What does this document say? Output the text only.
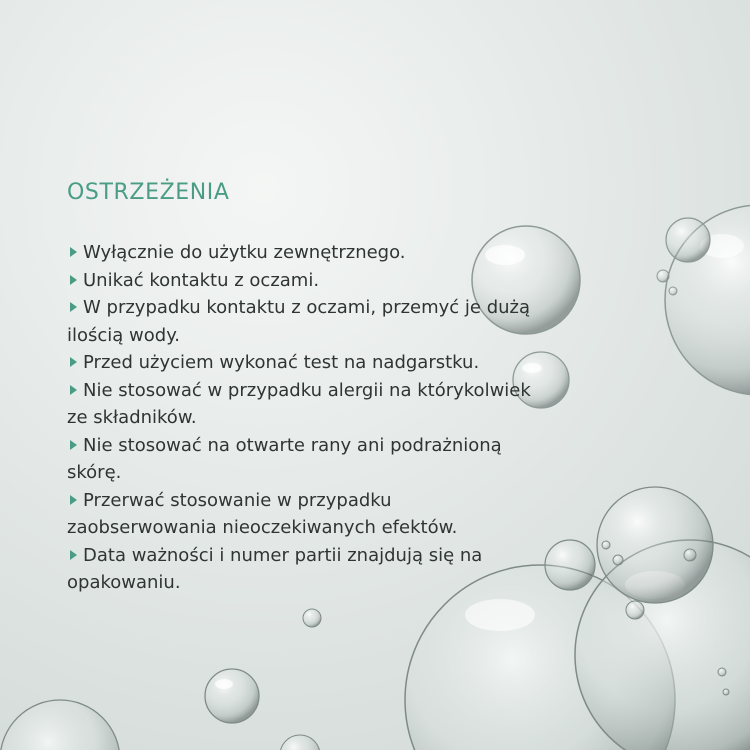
OSTRZEŻENIA
Wyłącznie do użytku zewnętrznego.
Unikać kontaktu z oczami.
W przypadku kontaktu z oczami, przemyć je dużą ilością wody.
Przed użyciem wykonać test na nadgarstku.
Nie stosować w przypadku alergii na którykolwiek ze składników.
Nie stosować na otwarte rany ani podrażnioną skórę.
Przerwać stosowanie w przypadku zaobserwowania nieoczekiwanych efektów.
Data ważności i numer partii znajdują się na opakowaniu.
